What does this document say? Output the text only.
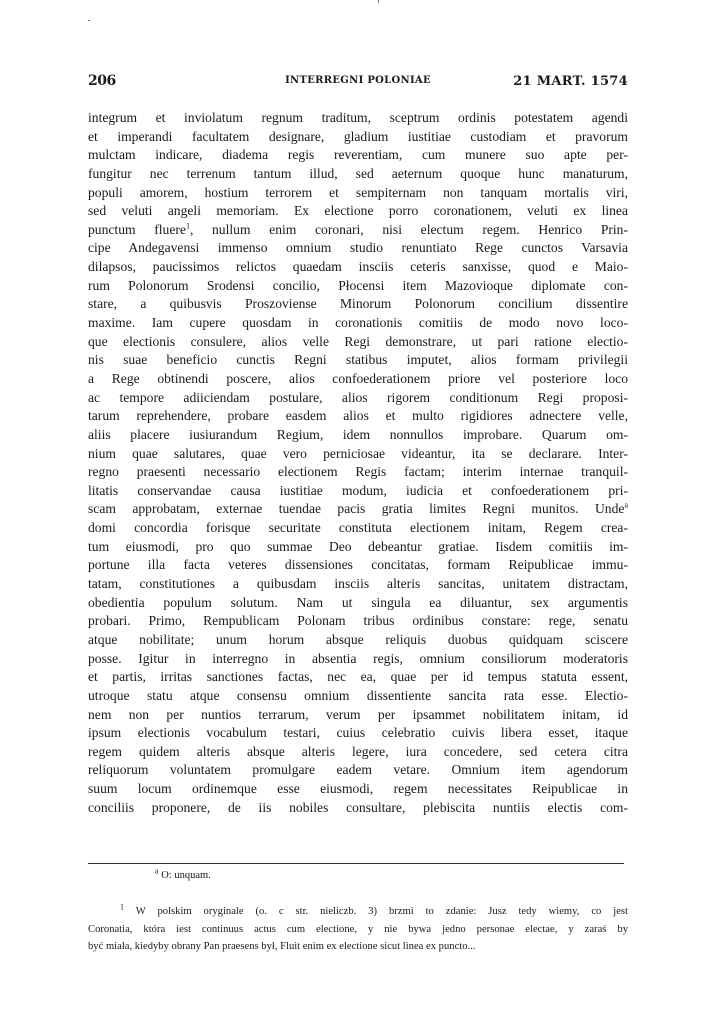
206	INTERREGNI POLONIAE	21 MART. 1574
integrum et inviolatum regnum traditum, sceptrum ordinis potestatem agendi
et imperandi facultatem designare, gladium iustitiae custodiam et pravorum
mulctam indicare, diadema regis reverentiam, cum munere suo apte per-
fungitur nec terrenum tantum illud, sed aeternum quoque hunc manaturum,
populi amorem, hostium terrorem et sempiternam non tanquam mortalis viri,
sed veluti angeli memoriam. Ex electione porro coronationem, veluti ex linea
punctum fluere$^1$, nullum enim coronari, nisi electum regem. Henrico Prin-
cipe Andegavensi immenso omnium studio renuntiato Rege cunctos Varsavia
dilapsos, paucissimos relictos quaedam insciis ceteris sanxisse, quod e Maio-
rum Polonorum Srodensi concilio, Płocensi item Mazovioque diplomate con-
stare, a quibusvis Proszoviense Minorum Polonorum concilium dissentire
maxime. Iam cupere quosdam in coronationis comitiis de modo novo loco-
que electionis consulere, alios velle Regi demonstrare, ut pari ratione electio-
nis suae beneficio cunctis Regni statibus imputet, alios formam privilegii
a Rege obtinendi poscere, alios confoederationem priore vel posteriore loco
ac tempore adiiciendam postulare, alios rigorem conditionum Regi proposi-
tarum reprehendere, probare easdem alios et multo rigidiores adnectere velle,
aliis placere iusiurandum Regium, idem nonnullos improbare. Quarum om-
nium quae salutares, quae vero perniciosae videantur, ita se declarare. Inter-
regno praesenti necessario electionem Regis factam; interim internae tranquil-
litatis conservandae causa iustitiae modum, iudicia et confoederationem pri-
scam approbatam, externae tuendae pacis gratia limites Regni munitos. Unde$^a$
domi concordia forisque securitate constituta electionem initam, Regem crea-
tum eiusmodi, pro quo summae Deo debeantur gratiae. Iisdem comitiis im-
portune illa facta veteres dissensiones concitatas, formam Reipublicae immu-
tatam, constitutiones a quibusdam insciis alteris sancitas, unitatem distractam,
obedientia populum solutum. Nam ut singula ea diluantur, sex argumentis
probari. Primo, Rempublicam Polonam tribus ordinibus constare: rege, senatu
atque nobilitate; unum horum absque reliquis duobus quidquam sciscere
posse. Igitur in interregno in absentia regis, omnium consiliorum moderatoris
et partis, irritas sanctiones factas, nec ea, quae per id tempus statuta essent,
utroque statu atque consensu omnium dissentiente sancita rata esse. Electio-
nem non per nuntios terrarum, verum per ipsammet nobilitatem initam, id
ipsum electionis vocabulum testari, cuius celebratio cuivis libera esset, itaque
regem quidem alteris absque alteris legere, iura concedere, sed cetera citra
reliquorum voluntatem promulgare eadem vetare. Omnium item agendorum
suum locum ordinemque esse eiusmodi, regem necessitates Reipublicae in
conciliis proponere, de iis nobiles consultare, plebiscita nuntiis electis com-
$^a$ O: unquam.
$^1$ W polskim oryginale (o. c str. nieliczb. 3) brzmi to zdanie: Jusz tedy wiemy, co jest
Coronatia, która iest continuus actus cum electione, y nie bywa jedno personae electae, y zaraś by
być miała, kiedyby obrany Pan praesens był, Fluit enim ex electione sicut linea ex puncto...
